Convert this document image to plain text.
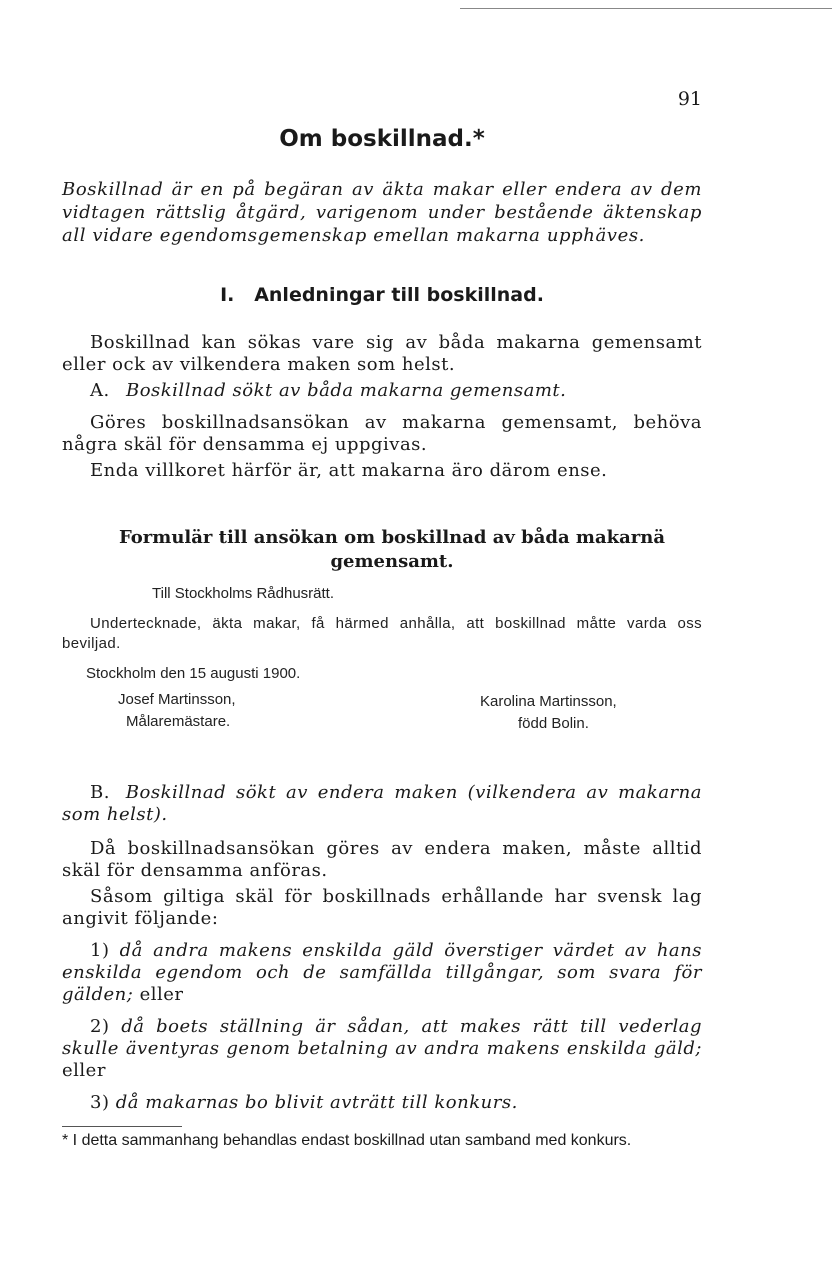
91
Om boskillnad.*
Boskillnad är en på begäran av äkta makar eller endera av dem vidtagen rättslig åtgärd, varigenom under bestående äktenskap all vidare egendomsgemenskap emellan makarna upphäves.
I.   Anledningar till boskillnad.
Boskillnad kan sökas vare sig av båda makarna gemensamt eller ock av vilkendera maken som helst.
A. Boskillnad sökt av båda makarna gemensamt.
Göres boskillnadsansökan av makarna gemensamt, behöva några skäl för densamma ej uppgivas.
Enda villkoret härför är, att makarna äro därom ense.
Formulär till ansökan om boskillnad av båda makarnä gemensamt.
Till Stockholms Rådhusrätt.
Undertecknade, äkta makar, få härmed anhålla, att boskillnad måtte varda oss beviljad.
Stockholm den 15 augusti 1900.
Josef Martinsson,
Målaremästare.
Karolina Martinsson,
född Bolin.
B. Boskillnad sökt av endera maken (vilkendera av makarna som helst).
Då boskillnadsansökan göres av endera maken, måste alltid skäl för densamma anföras.
Såsom giltiga skäl för boskillnads erhållande har svensk lag angivit följande:
1) då andra makens enskilda gäld överstiger värdet av hans enskilda egendom och de samfällda tillgångar, som svara för gälden; eller
2) då boets ställning är sådan, att makes rätt till vederlag skulle äventyras genom betalning av andra makens enskilda gäld; eller
3) då makarnas bo blivit avträtt till konkurs.
* I detta sammanhang behandlas endast boskillnad utan samband med konkurs.
